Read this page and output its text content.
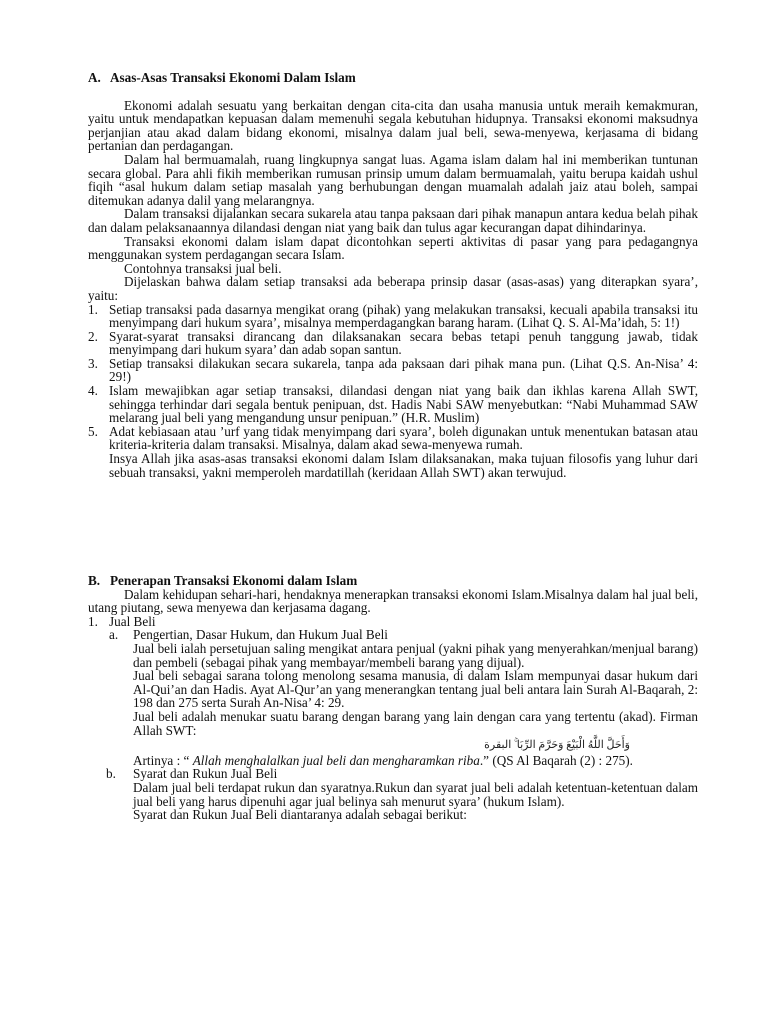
A. Asas-Asas Transaksi Ekonomi Dalam Islam

Ekonomi adalah sesuatu yang berkaitan dengan cita-cita dan usaha manusia untuk meraih kemakmuran, yaitu untuk mendapatkan kepuasan dalam memenuhi segala kebutuhan hidupnya. Transaksi ekonomi maksudnya perjanjian atau akad dalam bidang ekonomi, misalnya dalam jual beli, sewa-menyewa, kerjasama di bidang pertanian dan perdagangan.

Dalam hal bermuamalah, ruang lingkupnya sangat luas. Agama islam dalam hal ini memberikan tuntunan secara global. Para ahli fikih memberikan rumusan prinsip umum dalam bermuamalah, yaitu berupa kaidah ushul fiqih “asal hukum dalam setiap masalah yang berhubungan dengan muamalah adalah jaiz atau boleh, sampai ditemukan adanya dalil yang melarangnya.

Dalam transaksi dijalankan secara sukarela atau tanpa paksaan dari pihak manapun antara kedua belah pihak dan dalam pelaksanaannya dilandasi dengan niat yang baik dan tulus agar kecurangan dapat dihindarinya.

Transaksi ekonomi dalam islam dapat dicontohkan seperti aktivitas di pasar yang para pedagangnya menggunakan system perdagangan secara Islam.

Contohnya transaksi jual beli.

Dijelaskan bahwa dalam setiap transaksi ada beberapa prinsip dasar (asas-asas) yang diterapkan syara’, yaitu:

1. Setiap transaksi pada dasarnya mengikat orang (pihak) yang melakukan transaksi, kecuali apabila transaksi itu menyimpang dari hukum syara’, misalnya memperdagangkan barang haram. (Lihat Q. S. Al-Ma’idah, 5: 1!)
2. Syarat-syarat transaksi dirancang dan dilaksanakan secara bebas tetapi penuh tanggung jawab, tidak menyimpang dari hukum syara’ dan adab sopan santun.
3. Setiap transaksi dilakukan secara sukarela, tanpa ada paksaan dari pihak mana pun. (Lihat Q.S. An-Nisa’ 4: 29!)
4. Islam mewajibkan agar setiap transaksi, dilandasi dengan niat yang baik dan ikhlas karena Allah SWT, sehingga terhindar dari segala bentuk penipuan, dst. Hadis Nabi SAW menyebutkan: “Nabi Muhammad SAW melarang jual beli yang mengandung unsur penipuan.” (H.R. Muslim)
5. Adat kebiasaan atau ’urf yang tidak menyimpang dari syara’, boleh digunakan untuk menentukan batasan atau kriteria-kriteria dalam transaksi. Misalnya, dalam akad sewa-menyewa rumah.

Insya Allah jika asas-asas transaksi ekonomi dalam Islam dilaksanakan, maka tujuan filosofis yang luhur dari sebuah transaksi, yakni memperoleh mardatillah (keridaan Allah SWT) akan terwujud.

B. Penerapan Transaksi Ekonomi dalam Islam

Dalam kehidupan sehari-hari, hendaknya menerapkan transaksi ekonomi Islam.Misalnya dalam hal jual beli, utang piutang, sewa menyewa dan kerjasama dagang.

1. Jual Beli
a. Pengertian, Dasar Hukum, dan Hukum Jual Beli

Jual beli ialah persetujuan saling mengikat antara penjual (yakni pihak yang menyerahkan/menjual barang) dan pembeli (sebagai pihak yang membayar/membeli barang yang dijual).

Jual beli sebagai sarana tolong menolong sesama manusia, di dalam Islam mempunyai dasar hukum dari Al-Qui’an dan Hadis. Ayat Al-Qur’an yang menerangkan tentang jual beli antara lain Surah Al-Baqarah, 2: 198 dan 275 serta Surah An-Nisa’ 4: 29.

Jual beli adalah menukar suatu barang dengan barang yang lain dengan cara yang tertentu (akad). Firman Allah SWT:

وَأَحَلَّ اللَّهُ الْبَيْعَ وَحَرَّمَ الرِّبَا ۚ البقرة

Artinya : “ Allah menghalalkan jual beli dan mengharamkan riba.” (QS Al Baqarah (2) : 275).

b. Syarat dan Rukun Jual Beli

Dalam jual beli terdapat rukun dan syaratnya.Rukun dan syarat jual beli adalah ketentuan-ketentuan dalam jual beli yang harus dipenuhi agar jual belinya sah menurut syara’ (hukum Islam).

Syarat dan Rukun Jual Beli diantaranya adalah sebagai berikut:
